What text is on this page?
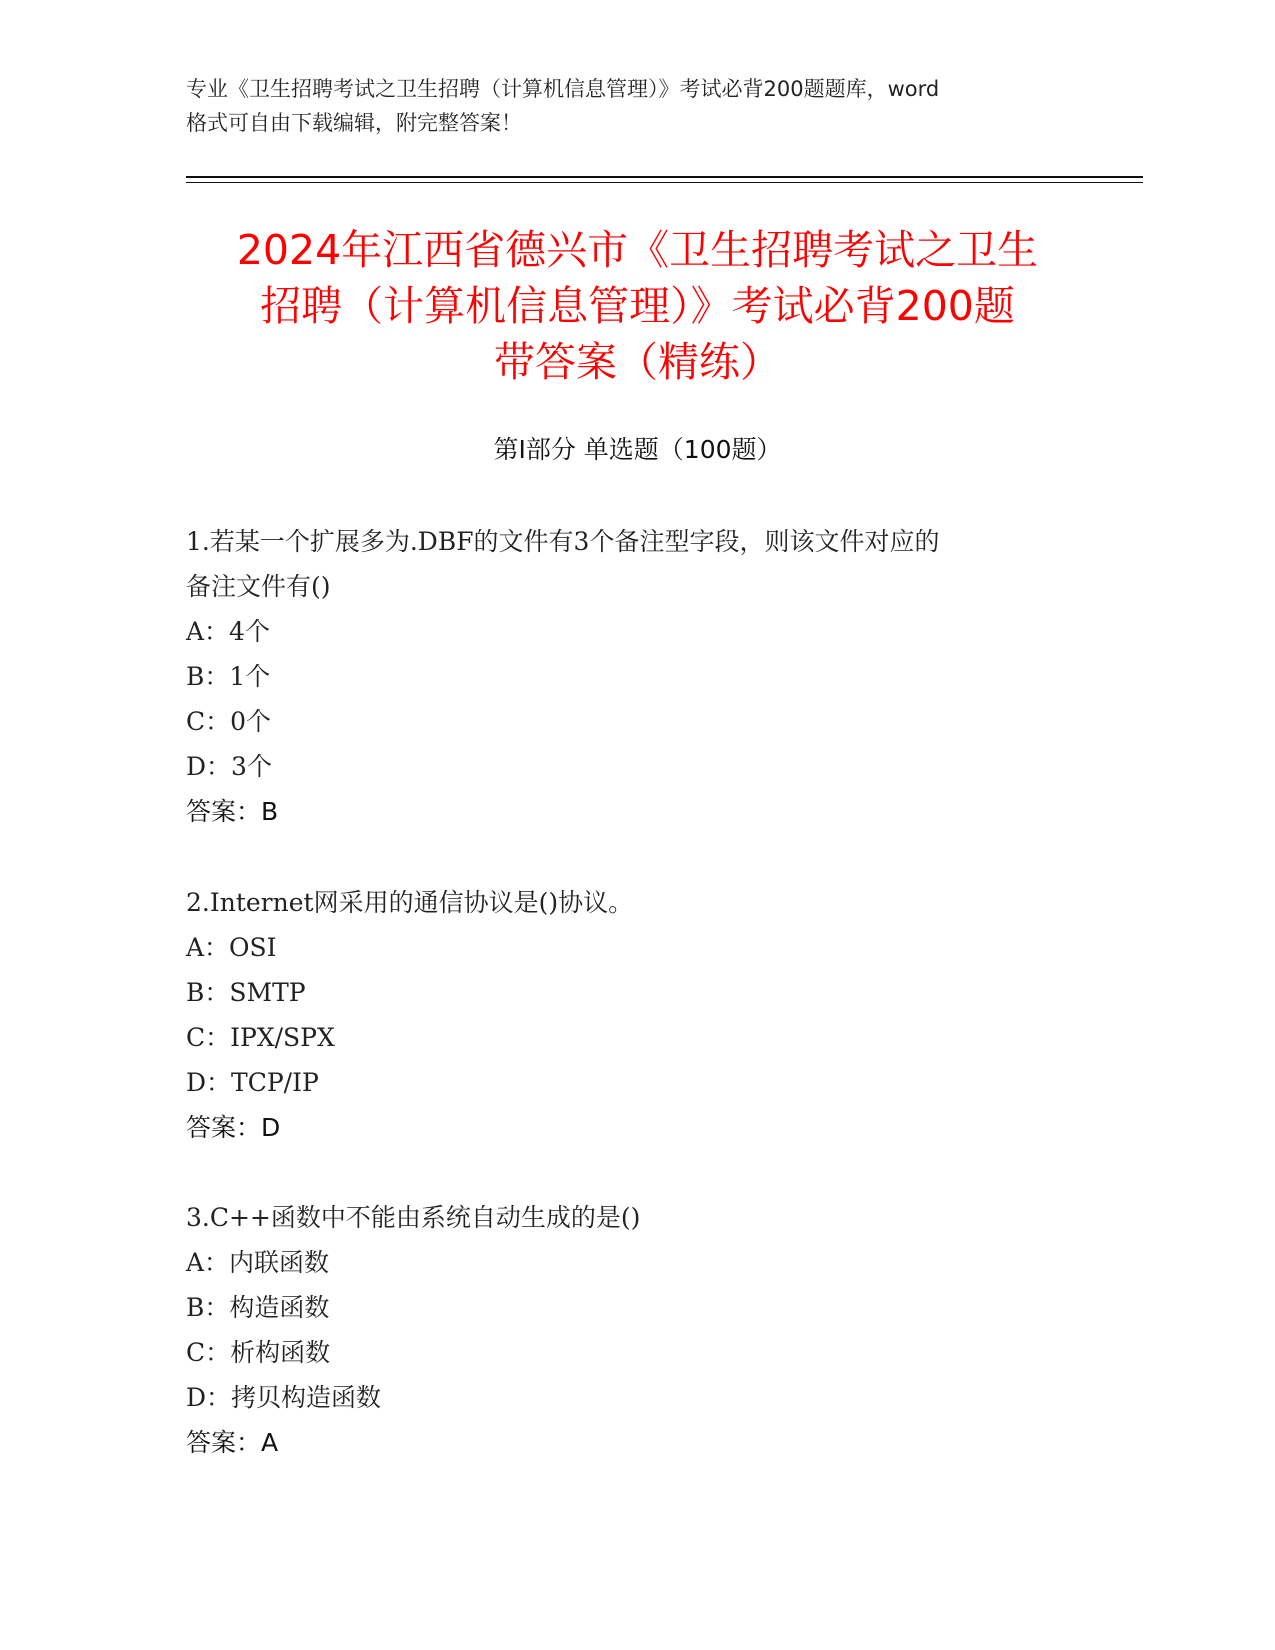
专业《卫生招聘考试之卫生招聘（计算机信息管理）》考试必背200题题库，word
格式可自由下载编辑，附完整答案！
2024年江西省德兴市《卫生招聘考试之卫生
招聘（计算机信息管理）》考试必背200题
带答案（精练）
第I部分 单选题（100题）
1.若某一个扩展多为.DBF的文件有3个备注型字段，则该文件对应的
备注文件有()
A：4个
B：1个
C：0个
D：3个
答案：B
2.Internet网采用的通信协议是()协议。
A：OSI
B：SMTP
C：IPX/SPX
D：TCP/IP
答案：D
3.C++函数中不能由系统自动生成的是()
A：内联函数
B：构造函数
C：析构函数
D：拷贝构造函数
答案：A
